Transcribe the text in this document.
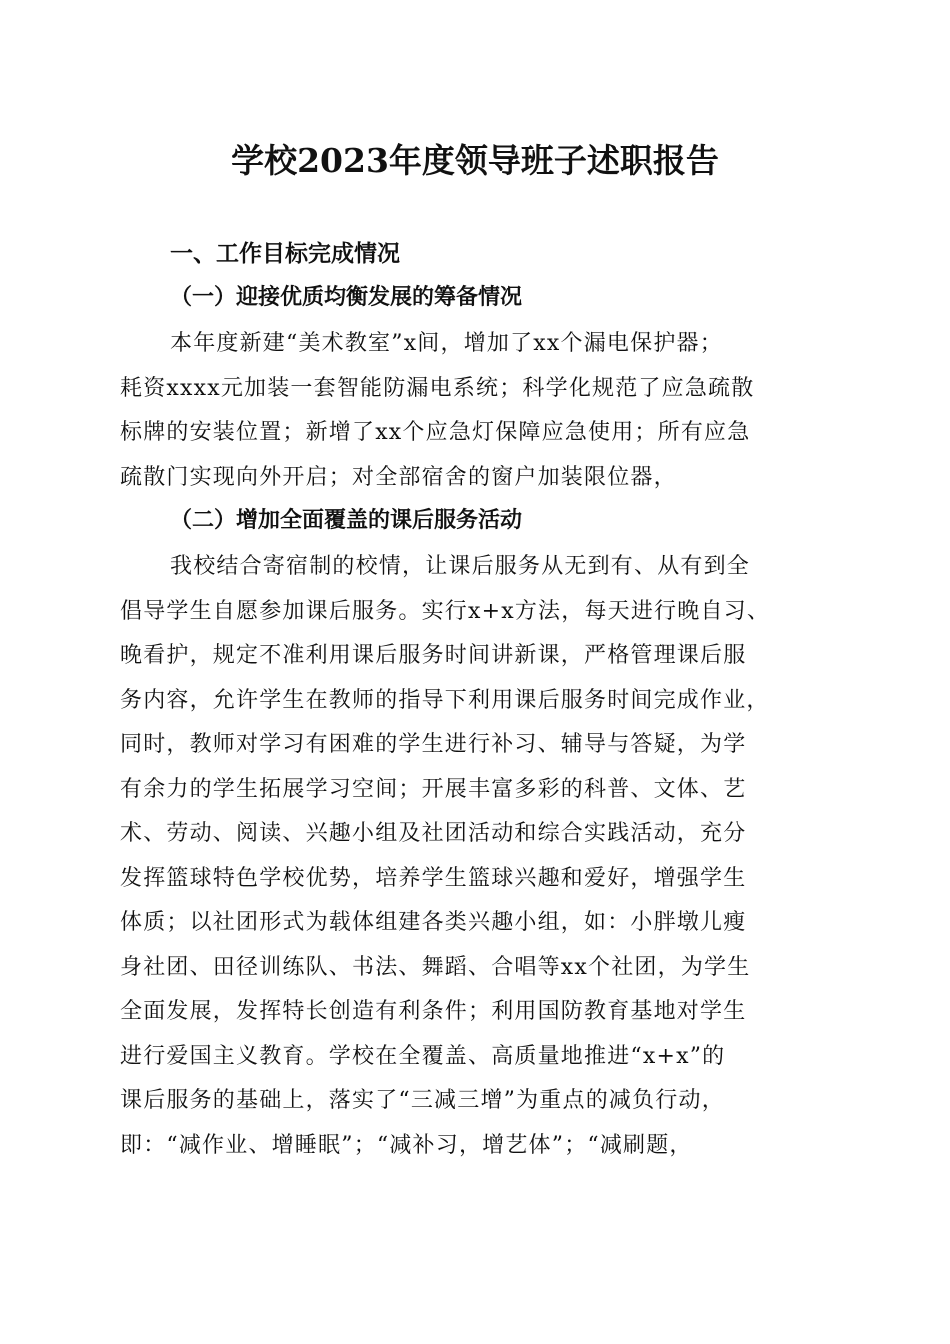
学校2023年度领导班子述职报告
一、工作目标完成情况
（一）迎接优质均衡发展的筹备情况
本年度新建“美术教室”x间，增加了xx个漏电保护器；
耗资xxxx元加装一套智能防漏电系统；科学化规范了应急疏散
标牌的安装位置；新增了xx个应急灯保障应急使用；所有应急
疏散门实现向外开启；对全部宿舍的窗户加装限位器，
（二）增加全面覆盖的课后服务活动
我校结合寄宿制的校情，让课后服务从无到有、从有到全
倡导学生自愿参加课后服务。实行x+x方法，每天进行晚自习、
晚看护，规定不准利用课后服务时间讲新课，严格管理课后服
务内容，允许学生在教师的指导下利用课后服务时间完成作业，
同时，教师对学习有困难的学生进行补习、辅导与答疑，为学
有余力的学生拓展学习空间；开展丰富多彩的科普、文体、艺
术、劳动、阅读、兴趣小组及社团活动和综合实践活动，充分
发挥篮球特色学校优势，培养学生篮球兴趣和爱好，增强学生
体质；以社团形式为载体组建各类兴趣小组，如：小胖墩儿瘦
身社团、田径训练队、书法、舞蹈、合唱等xx个社团，为学生
全面发展，发挥特长创造有利条件；利用国防教育基地对学生
进行爱国主义教育。学校在全覆盖、高质量地推进“x+x”的
课后服务的基础上，落实了“三减三增”为重点的减负行动，
即：“减作业、增睡眠”；“减补习，增艺体”；“减刷题，
